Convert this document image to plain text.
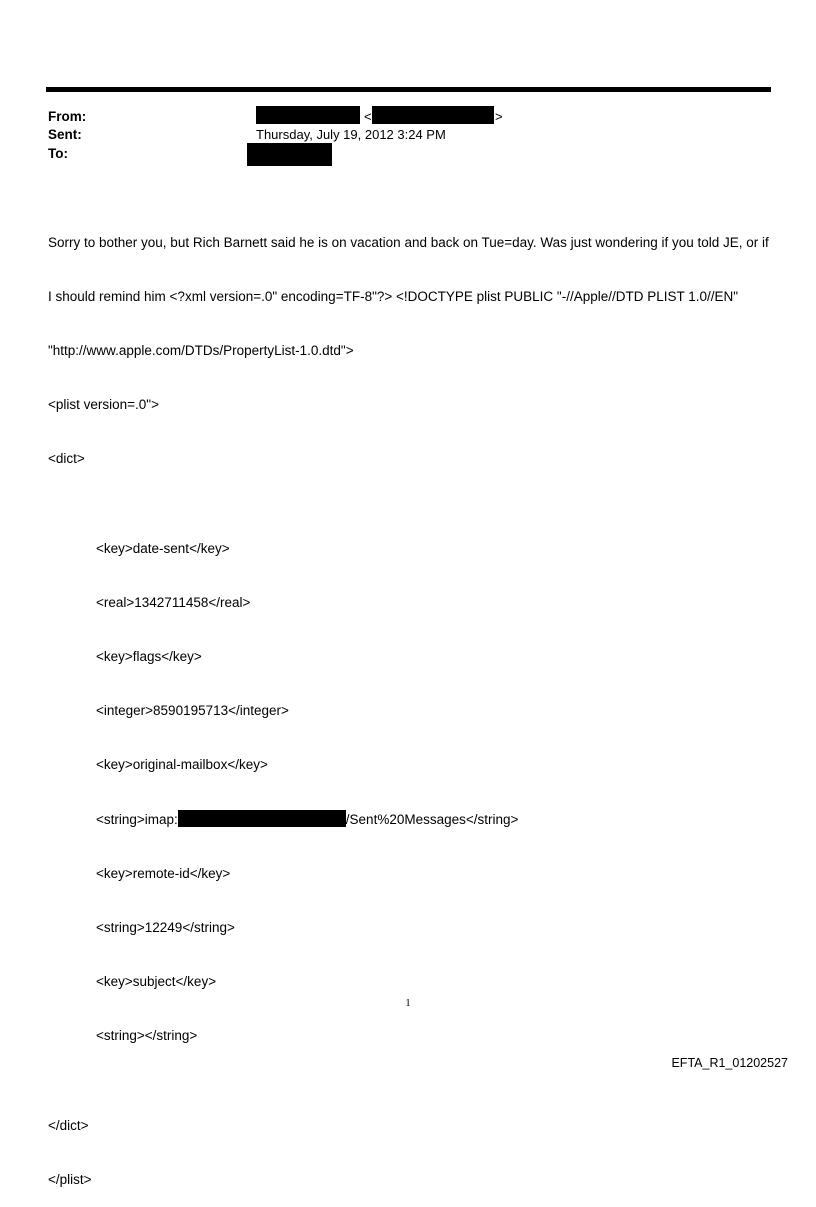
From:
Sent:
To:
<	>
Thursday, July 19, 2012 3:24 PM

Sorry to bother you, but Rich Barnett said he is on vacation and back on Tue=day. Was just wondering if you told JE, or if

I should remind him <?xml version=.0" encoding=TF-8"?> <!DOCTYPE plist PUBLIC "-//Apple//DTD PLIST 1.0//EN"

"http://www.apple.com/DTDs/PropertyList-1.0.dtd">

<plist version=.0">

<dict>

<key>date-sent</key>

<real>1342711458</real>

<key>flags</key>

<integer>8590195713</integer>

<key>original-mailbox</key>

<string>imap:	/Sent%20Messages</string>

<key>remote-id</key>

<string>12249</string>

<key>subject</key>

<string></string>

</dict>

</plist>

1
EFTA_R1_01202527
